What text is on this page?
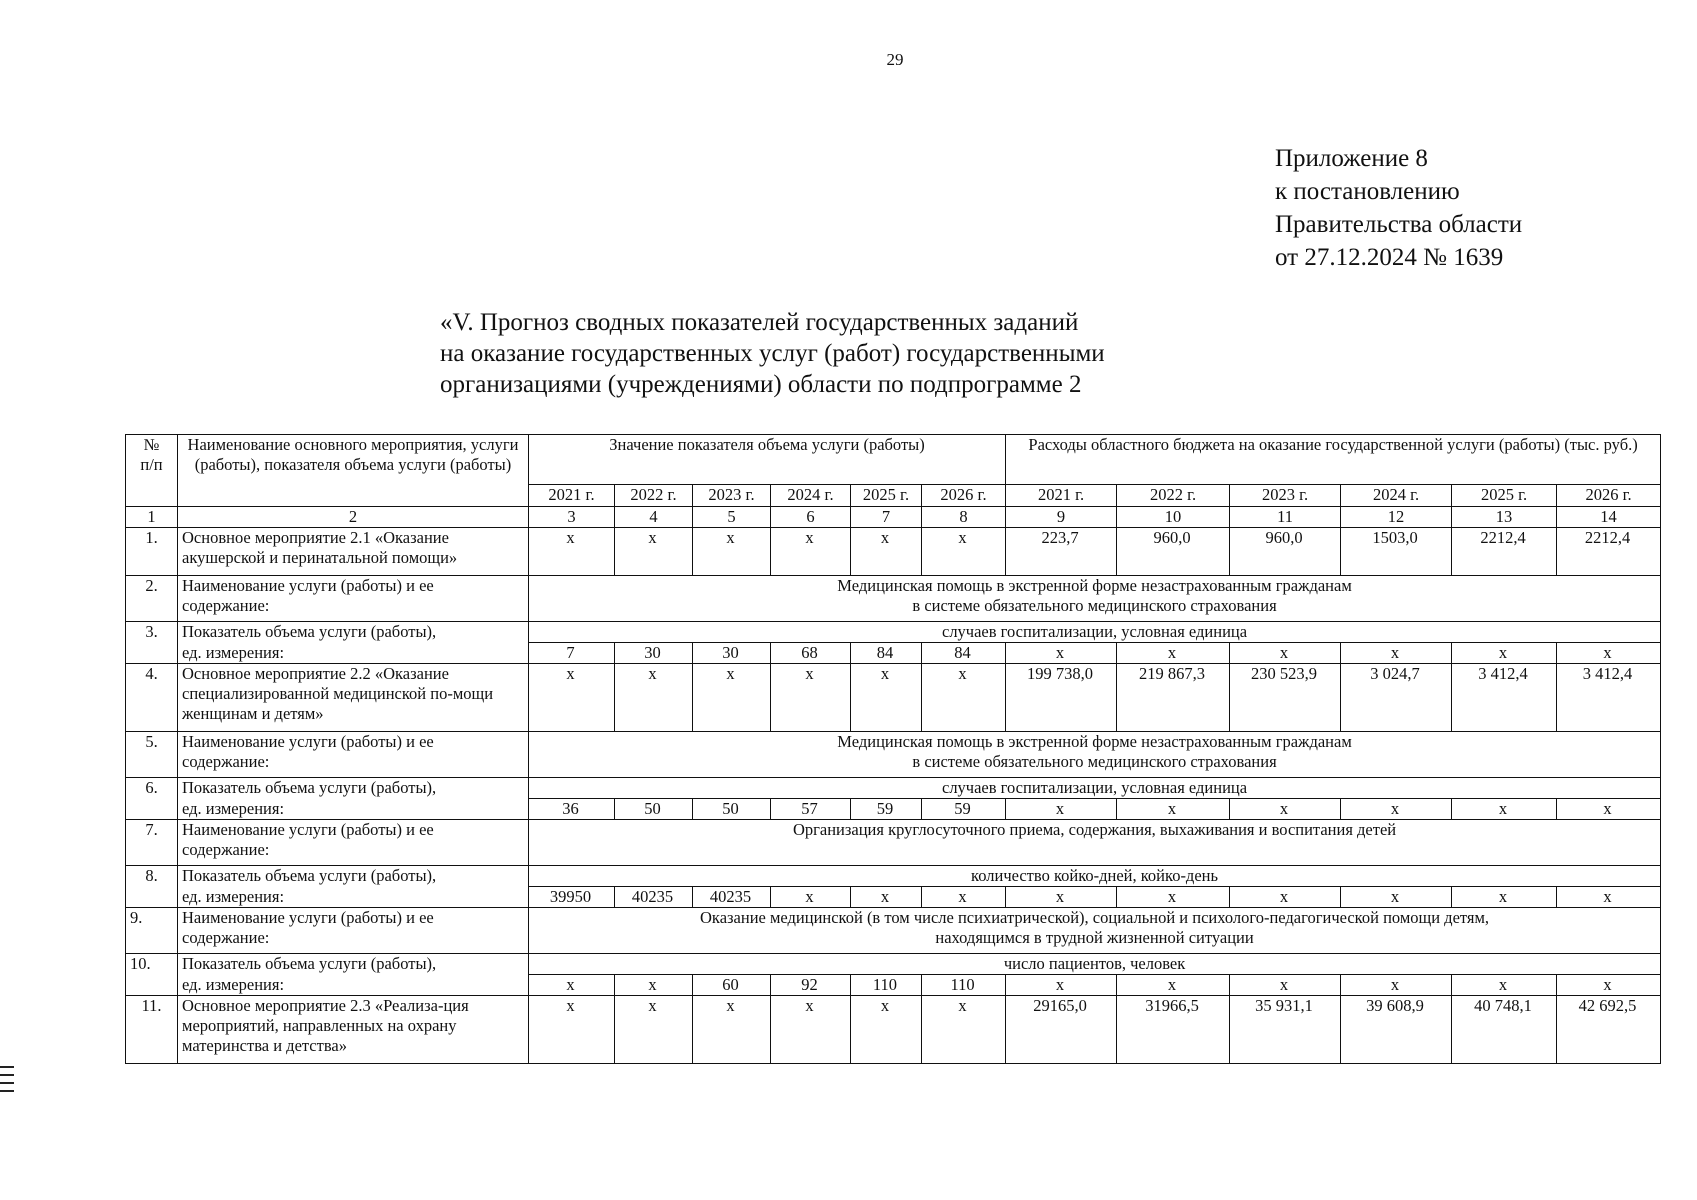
29
Приложение 8
к постановлению
Правительства области
от 27.12.2024 № 1639
«V. Прогноз сводных показателей государственных заданий
на оказание государственных услуг (работ) государственными
организациями (учреждениями) области по подпрограмме 2
№
п/п	Наименование основного мероприятия, услуги (работы), показателя объема услуги (работы)	Значение показателя объема услуги (работы)						Расходы областного бюджета на оказание государственной услуги (работы) (тыс. руб.)					
		2021 г.	2022 г.	2023 г.	2024 г.	2025 г.	2026 г.	2021 г.	2022 г.	2023 г.	2024 г.	2025 г.	2026 г.
1	2	3	4	5	6	7	8	9	10	11	12	13	14
1.	Основное мероприятие 2.1 «Оказание акушерской и перинатальной помощи»	х	х	х	х	х	х	223,7	960,0	960,0	1503,0	2212,4	2212,4
2.	Наименование услуги (работы) и ее содержание:	Медицинская помощь в экстренной форме незастрахованным гражданам
в системе обязательного медицинского страхования											

3.	Показатель объема услуги (работы),	случаев госпитализации, условная единица											
	ед. измерения:	7	30	30	68	84	84	х	х	х	х	х	х
4.	Основное мероприятие 2.2 «Оказание специализированной медицинской по-мощи женщинам и детям»	х	х	х	х	х	х	199 738,0	219 867,3	230 523,9	3 024,7	3 412,4	3 412,4
5.	Наименование услуги (работы) и ее содержание:	Медицинская помощь в экстренной форме незастрахованным гражданам
в системе обязательного медицинского страхования											

6.	Показатель объема услуги (работы),	случаев госпитализации, условная единица											
	ед. измерения:	36	50	50	57	59	59	х	х	х	х	х	х
7.	Наименование услуги (работы) и ее содержание:	Организация круглосуточного приема, содержания, выхаживания и воспитания детей											

8.	Показатель объема услуги (работы),	количество койко-дней, койко-день											
	ед. измерения:	39950	40235	40235	х	х	х	х	х	х	х	х	х
9.	Наименование услуги (работы) и ее содержание:	Оказание медицинской (в том числе психиатрической), социальной и психолого-педагогической помощи детям,
находящимся в трудной жизненной ситуации											

10.	Показатель объема услуги (работы),	число пациентов, человек											
	ед. измерения:	х	х	60	92	110	110	х	х	х	х	х	х
11.	Основное мероприятие 2.3 «Реализа-ция мероприятий, направленных на охрану материнства и детства»	х	х	х	х	х	х	29165,0	31966,5	35 931,1	39 608,9	40 748,1	42 692,5
